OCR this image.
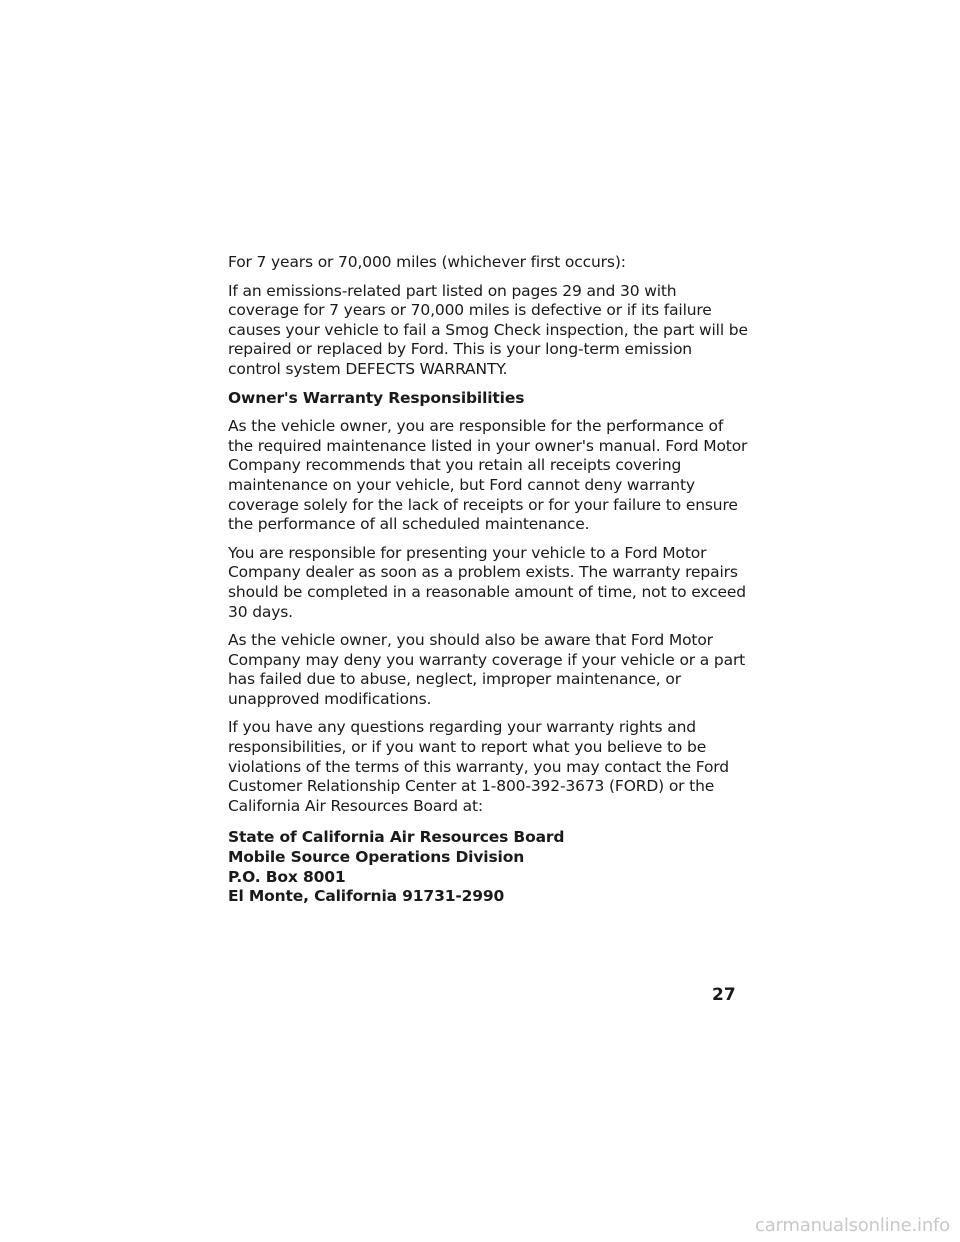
For 7 years or 70,000 miles (whichever first occurs):

If an emissions-related part listed on pages 29 and 30 with coverage for 7 years or 70,000 miles is defective or if its failure causes your vehicle to fail a Smog Check inspection, the part will be repaired or replaced by Ford. This is your long-term emission control system DEFECTS WARRANTY.

Owner's Warranty Responsibilities

As the vehicle owner, you are responsible for the performance of the required maintenance listed in your owner's manual. Ford Motor Company recommends that you retain all receipts covering maintenance on your vehicle, but Ford cannot deny warranty coverage solely for the lack of receipts or for your failure to ensure the performance of all scheduled maintenance.

You are responsible for presenting your vehicle to a Ford Motor Company dealer as soon as a problem exists. The warranty repairs should be completed in a reasonable amount of time, not to exceed 30 days.

As the vehicle owner, you should also be aware that Ford Motor Company may deny you warranty coverage if your vehicle or a part has failed due to abuse, neglect, improper maintenance, or unapproved modifications.

If you have any questions regarding your warranty rights and responsibilities, or if you want to report what you believe to be violations of the terms of this warranty, you may contact the Ford Customer Relationship Center at 1-800-392-3673 (FORD) or the California Air Resources Board at:

State of California Air Resources Board
Mobile Source Operations Division
P.O. Box 8001
El Monte, California 91731-2990
27
carmanualsonline.info
